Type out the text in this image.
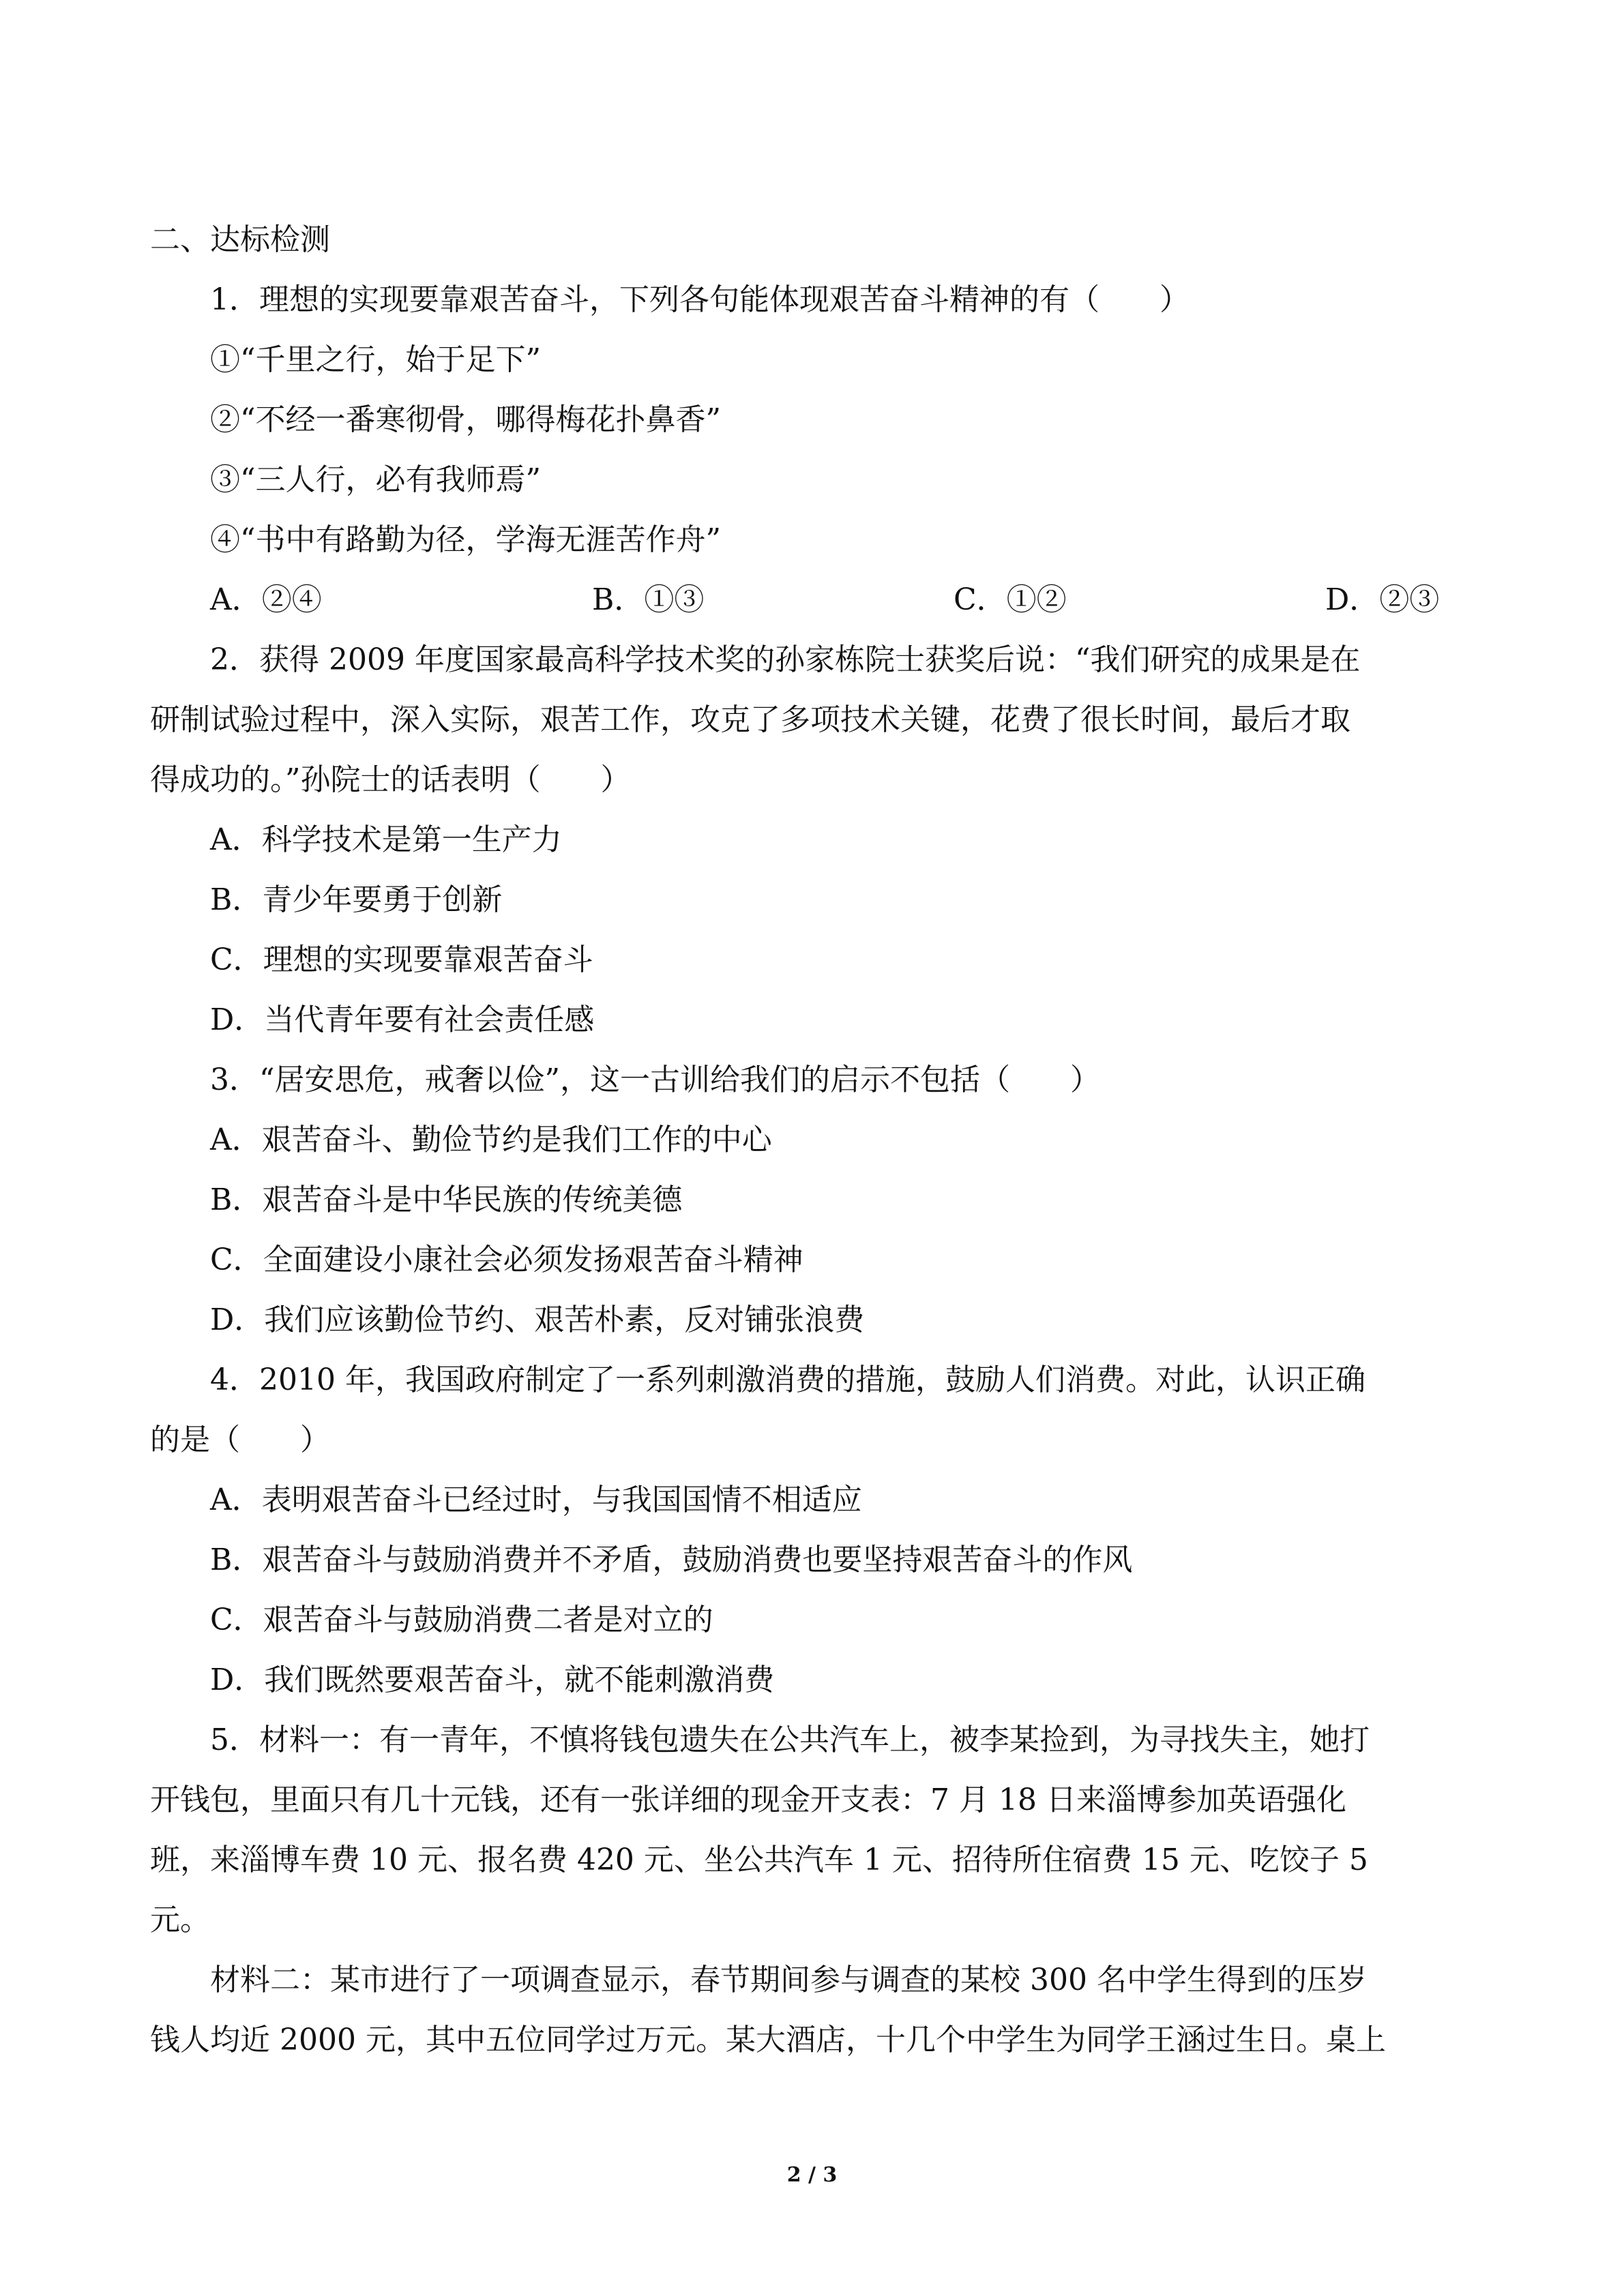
二、达标检测
1．理想的实现要靠艰苦奋斗，下列各句能体现艰苦奋斗精神的有（　　）
①“千里之行，始于足下”
②“不经一番寒彻骨，哪得梅花扑鼻香”
③“三人行，必有我师焉”
④“书中有路勤为径，学海无涯苦作舟”
A．②④	B．①③	C．①②	D．②③
2．获得 2009 年度国家最高科学技术奖的孙家栋院士获奖后说：“我们研究的成果是在
研制试验过程中，深入实际，艰苦工作，攻克了多项技术关键，花费了很长时间，最后才取
得成功的。”孙院士的话表明（　　）
A．科学技术是第一生产力
B．青少年要勇于创新
C．理想的实现要靠艰苦奋斗
D．当代青年要有社会责任感
3．“居安思危，戒奢以俭”，这一古训给我们的启示不包括（　　）
A．艰苦奋斗、勤俭节约是我们工作的中心
B．艰苦奋斗是中华民族的传统美德
C．全面建设小康社会必须发扬艰苦奋斗精神
D．我们应该勤俭节约、艰苦朴素，反对铺张浪费
4．2010 年，我国政府制定了一系列刺激消费的措施，鼓励人们消费。对此，认识正确
的是（　　）
A．表明艰苦奋斗已经过时，与我国国情不相适应
B．艰苦奋斗与鼓励消费并不矛盾，鼓励消费也要坚持艰苦奋斗的作风
C．艰苦奋斗与鼓励消费二者是对立的
D．我们既然要艰苦奋斗，就不能刺激消费
5．材料一：有一青年，不慎将钱包遗失在公共汽车上，被李某捡到，为寻找失主，她打
开钱包，里面只有几十元钱，还有一张详细的现金开支表：7 月 18 日来淄博参加英语强化
班，来淄博车费 10 元、报名费 420 元、坐公共汽车 1 元、招待所住宿费 15 元、吃饺子 5
元。
材料二：某市进行了一项调查显示，春节期间参与调查的某校 300 名中学生得到的压岁
钱人均近 2000 元，其中五位同学过万元。某大酒店，十几个中学生为同学王涵过生日。桌上
2 / 3
